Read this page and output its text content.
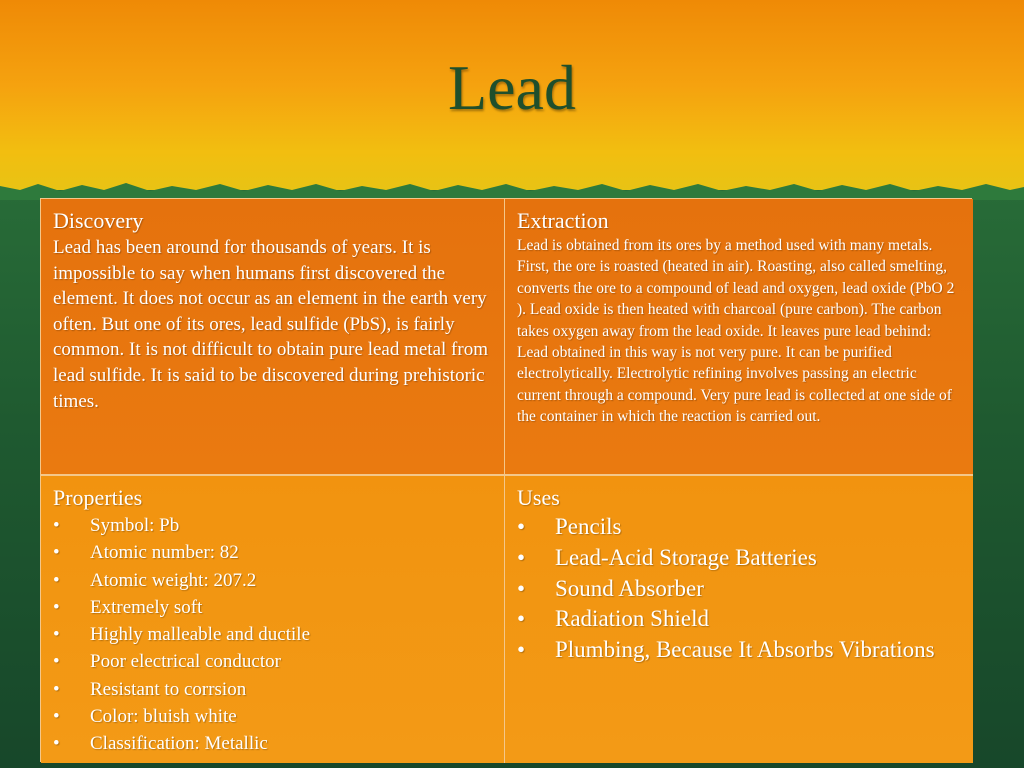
Lead
Discovery
Lead has been around for thousands of years. It is impossible to say when humans first discovered the element. It does not occur as an element in the earth very often. But one of its ores, lead sulfide (PbS), is fairly common. It is not difficult to obtain pure lead metal from lead sulfide. It is said to be discovered during prehistoric times.
Extraction
Lead is obtained from its ores by a method used with many metals. First, the ore is roasted (heated in air). Roasting, also called smelting, converts the ore to a compound of lead and oxygen, lead oxide (PbO 2 ). Lead oxide is then heated with charcoal (pure carbon). The carbon takes oxygen away from the lead oxide. It leaves pure lead behind: Lead obtained in this way is not very pure. It can be purified electrolytically. Electrolytic refining involves passing an electric current through a compound. Very pure lead is collected at one side of the container in which the reaction is carried out.
Properties
•	Symbol: Pb
•	Atomic number: 82
•	Atomic weight: 207.2
•	Extremely soft
•	Highly malleable and ductile
•	Poor electrical conductor
•	Resistant to corrsion
•	Color: bluish white
•	Classification: Metallic
Uses
•	Pencils
•	Lead-Acid Storage Batteries
•	Sound Absorber
•	Radiation Shield
•	Plumbing, Because It Absorbs Vibrations
